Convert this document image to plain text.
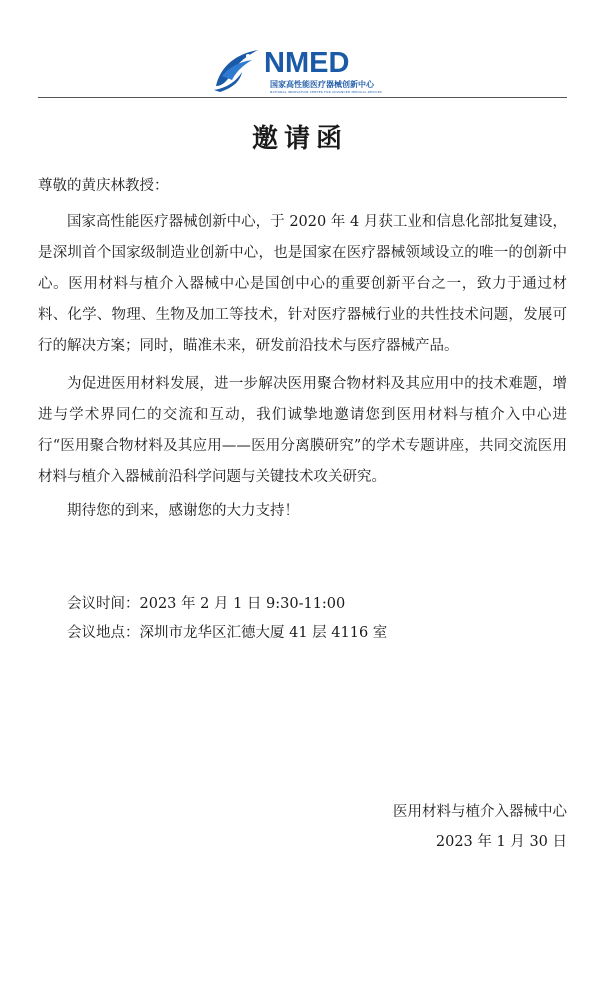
NMED
国家高性能医疗器械创新中心
NATIONAL INNOVATION CENTER FOR ADVANCED MEDICAL DEVICES
邀请函
尊敬的黄庆林教授：
国家高性能医疗器械创新中心，于 2020 年 4 月获工业和信息化部批复建设，是深圳首个国家级制造业创新中心，也是国家在医疗器械领域设立的唯一的创新中心。医用材料与植介入器械中心是国创中心的重要创新平台之一，致力于通过材料、化学、物理、生物及加工等技术，针对医疗器械行业的共性技术问题，发展可行的解决方案；同时，瞄准未来，研发前沿技术与医疗器械产品。
为促进医用材料发展，进一步解决医用聚合物材料及其应用中的技术难题，增进与学术界同仁的交流和互动，我们诚挚地邀请您到医用材料与植介入中心进行“医用聚合物材料及其应用——医用分离膜研究”的学术专题讲座，共同交流医用材料与植介入器械前沿科学问题与关键技术攻关研究。
期待您的到来，感谢您的大力支持！
会议时间：2023 年 2 月 1 日 9:30-11:00
会议地点：深圳市龙华区汇德大厦 41 层 4116 室
医用材料与植介入器械中心
2023 年 1 月 30 日
